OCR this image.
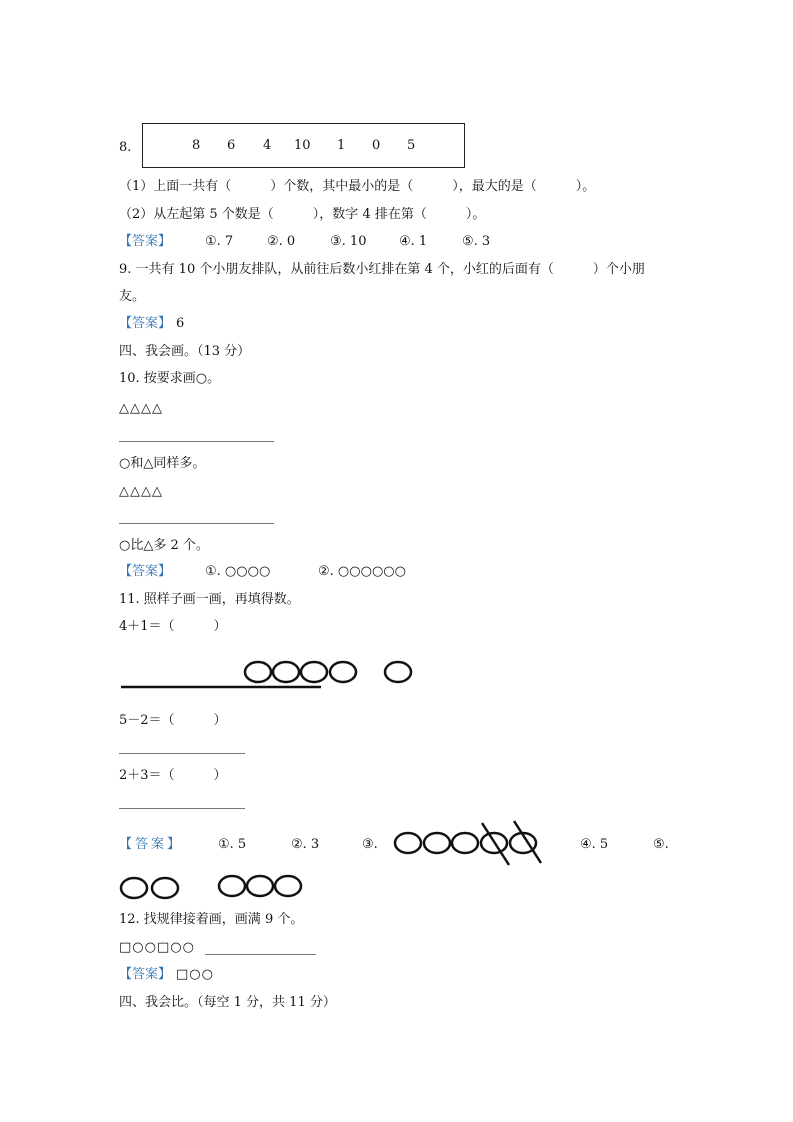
8.	8 6 4 10 1 0 5
（1）上面一共有（　　　）个数，其中最小的是（　　　），最大的是（　　　）。
（2）从左起第 5 个数是（　　　），数字 4 排在第（　　　）。
【答案】	①. 7	②. 0	③. 10	④. 1	⑤. 3
9. 一共有 10 个小朋友排队，从前往后数小红排在第 4 个，小红的后面有（　　　）个小朋
友。
【答案】 6
四、我会画。（13 分）
10. 按要求画○。
△△△△
○和△同样多。
△△△△
○比△多 2 个。
【答案】	①. ○○○○	②. ○○○○○○
11. 照样子画一画，再填得数。
4＋1＝（　　　）
5－2＝（　　　）
2＋3＝（　　　）
【答案】	①. 5	②. 3	③.	④. 5	⑤.
12. 找规律接着画，画满 9 个。
□○○□○○
【答案】 □○○
四、我会比。（每空 1 分，共 11 分）
